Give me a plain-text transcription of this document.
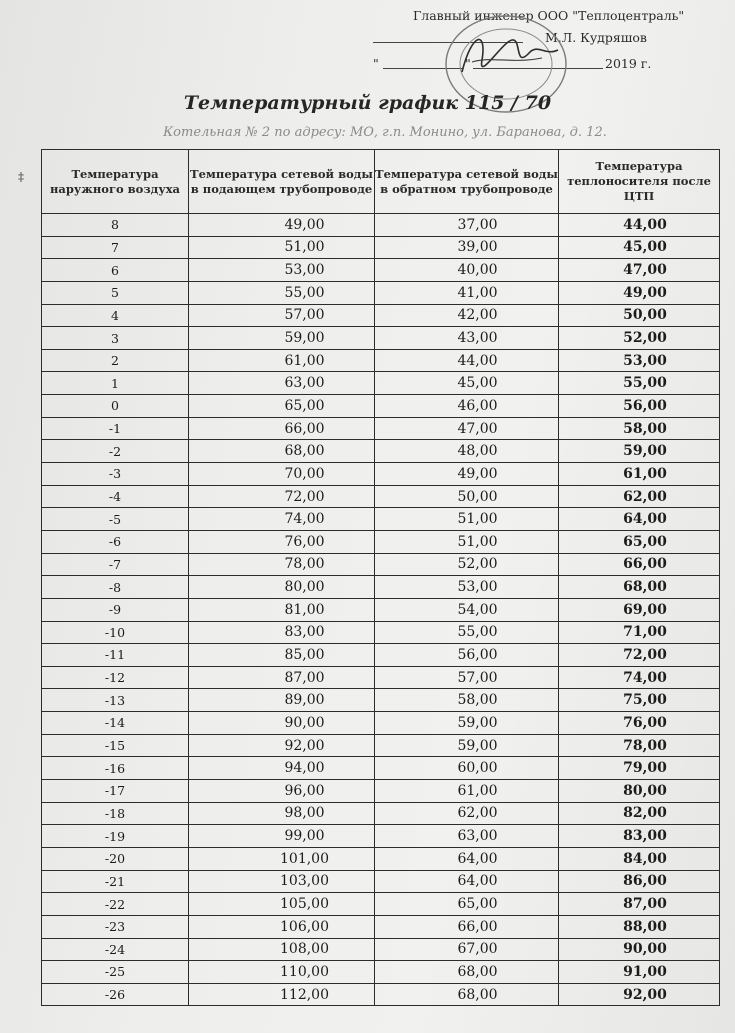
Главный инженер ООО "Теплоцентраль"
М.Л. Кудряшов
"	"	2019 г.
Температурный график 115 / 70
Котельная № 2 по адресу: МО, г.п. Монино, ул. Баранова, д. 12.
‡	Температура наружного воздуха	Температура сетевой воды в подающем трубопроводе	Температура сетевой воды в обратном трубопроводе	Температура теплоносителя после ЦТП
8	49,00	37,00	44,00
7	51,00	39,00	45,00
6	53,00	40,00	47,00
5	55,00	41,00	49,00
4	57,00	42,00	50,00
3	59,00	43,00	52,00
2	61,00	44,00	53,00
1	63,00	45,00	55,00
0	65,00	46,00	56,00
-1	66,00	47,00	58,00
-2	68,00	48,00	59,00
-3	70,00	49,00	61,00
-4	72,00	50,00	62,00
-5	74,00	51,00	64,00
-6	76,00	51,00	65,00
-7	78,00	52,00	66,00
-8	80,00	53,00	68,00
-9	81,00	54,00	69,00
-10	83,00	55,00	71,00
-11	85,00	56,00	72,00
-12	87,00	57,00	74,00
-13	89,00	58,00	75,00
-14	90,00	59,00	76,00
-15	92,00	59,00	78,00
-16	94,00	60,00	79,00
-17	96,00	61,00	80,00
-18	98,00	62,00	82,00
-19	99,00	63,00	83,00
-20	101,00	64,00	84,00
-21	103,00	64,00	86,00
-22	105,00	65,00	87,00
-23	106,00	66,00	88,00
-24	108,00	67,00	90,00
-25	110,00	68,00	91,00
-26	112,00	68,00	92,00
